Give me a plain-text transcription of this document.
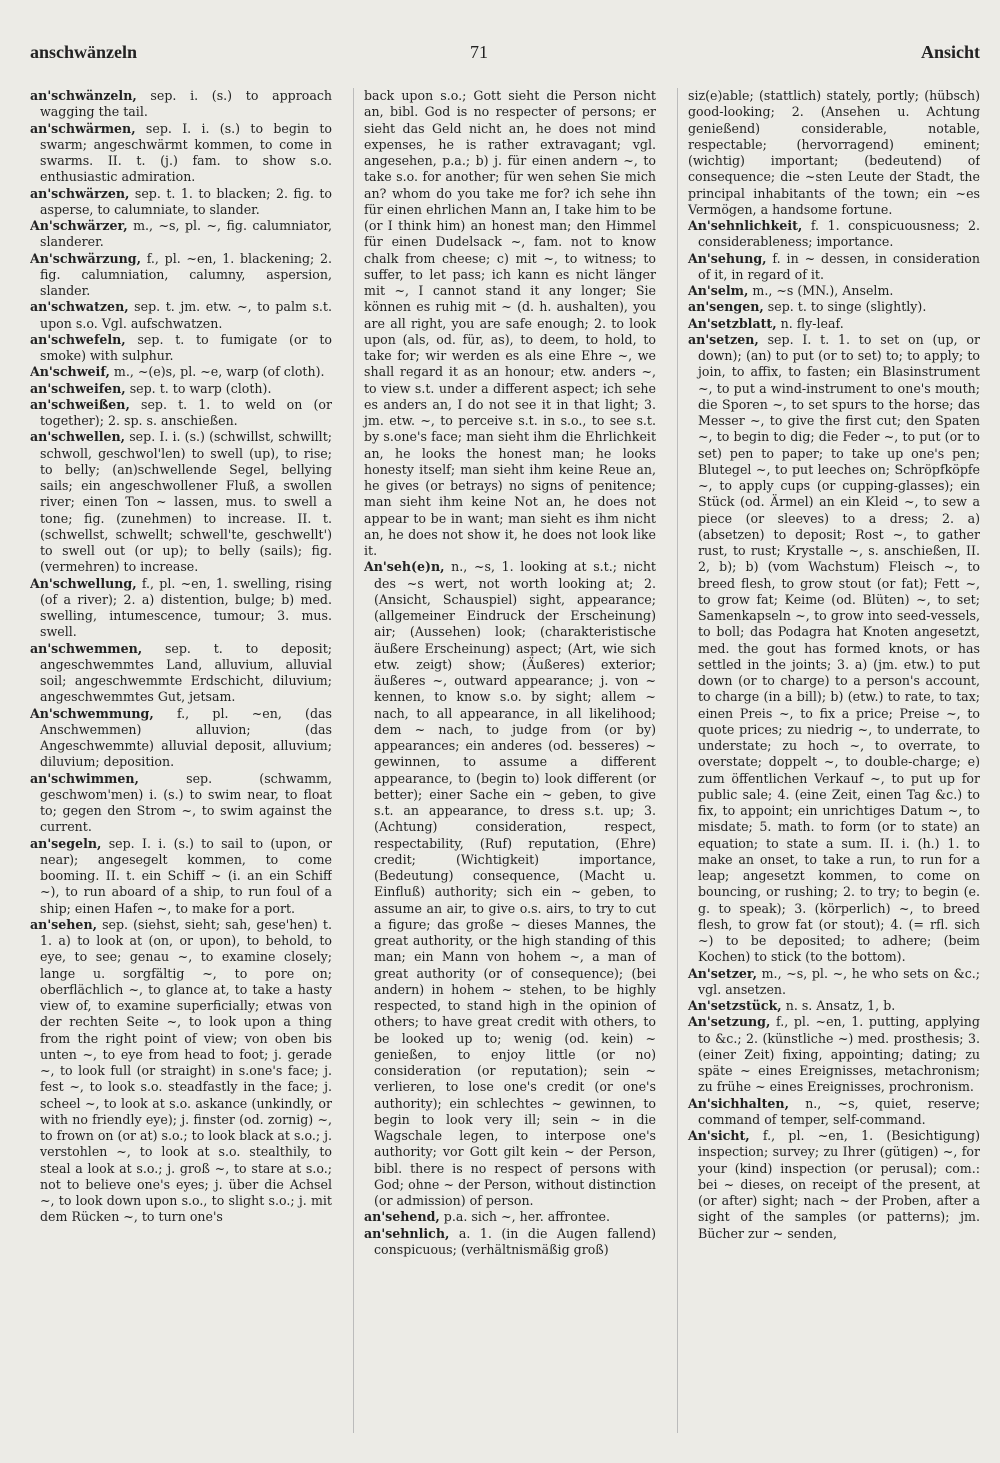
anschwänzeln	71	Ansicht

an'schwänzeln, sep. i. (s.) to approach wagging the tail.

an'schwärmen, sep. I. i. (s.) to begin to swarm; angeschwärmt kommen, to come in swarms. II. t. (j.) fam. to show s.o. enthusiastic admiration.

an'schwärzen, sep. t. 1. to blacken; 2. fig. to asperse, to calumniate, to slander.

An'schwärzer, m., ~s, pl. ~, fig. calumniator, slanderer.

An'schwärzung, f., pl. ~en, 1. blackening; 2. fig. calumniation, calumny, aspersion, slander.

an'schwatzen, sep. t. jm. etw. ~, to palm s.t. upon s.o. Vgl. aufschwatzen.

an'schwefeln, sep. t. to fumigate (or to smoke) with sulphur.

An'schweif, m., ~(e)s, pl. ~e, warp (of cloth).

an'schweifen, sep. t. to warp (cloth).

an'schweißen, sep. t. 1. to weld on (or together); 2. sp. s. anschießen.

an'schwellen, sep. I. i. (s.) (schwillst, schwillt; schwoll, geschwol'len) to swell (up), to rise; to belly; (an)schwellende Segel, bellying sails; ein angeschwollener Fluß, a swollen river; einen Ton ~ lassen, mus. to swell a tone; fig. (zunehmen) to increase. II. t. (schwellst, schwellt; schwell'te, geschwellt') to swell out (or up); to belly (sails); fig. (vermehren) to increase.

An'schwellung, f., pl. ~en, 1. swelling, rising (of a river); 2. a) distention, bulge; b) med. swelling, intumescence, tumour; 3. mus. swell.

an'schwemmen, sep. t. to deposit; angeschwemmtes Land, alluvium, alluvial soil; angeschwemmte Erdschicht, diluvium; angeschwemmtes Gut, jetsam.

An'schwemmung, f., pl. ~en, (das Anschwemmen) alluvion; (das Angeschwemmte) alluvial deposit, alluvium; diluvium; deposition.

an'schwimmen, sep. (schwamm, geschwom'men) i. (s.) to swim near, to float to; gegen den Strom ~, to swim against the current.

an'segeln, sep. I. i. (s.) to sail to (upon, or near); angesegelt kommen, to come booming. II. t. ein Schiff ~ (i. an ein Schiff ~), to run aboard of a ship, to run foul of a ship; einen Hafen ~, to make for a port.

an'sehen, sep. (siehst, sieht; sah, gese'hen) t. 1. a) to look at (on, or upon), to behold, to eye, to see; genau ~, to examine closely; lange u. sorgfältig ~, to pore on; oberflächlich ~, to glance at, to take a hasty view of, to examine superficially; etwas von der rechten Seite ~, to look upon a thing from the right point of view; von oben bis unten ~, to eye from head to foot; j. gerade ~, to look full (or straight) in s.one's face; j. fest ~, to look s.o. steadfastly in the face; j. scheel ~, to look at s.o. askance (unkindly, or with no friendly eye); j. finster (od. zornig) ~, to frown on (or at) s.o.; to look black at s.o.; j. verstohlen ~, to look at s.o. stealthily, to steal a look at s.o.; j. groß ~, to stare at s.o.; not to believe one's eyes; j. über die Achsel ~, to look down upon s.o., to slight s.o.; j. mit dem Rücken ~, to turn one's

back upon s.o.; Gott sieht die Person nicht an, bibl. God is no respecter of persons; er sieht das Geld nicht an, he does not mind expenses, he is rather extravagant; vgl. angesehen, p.a.; b) j. für einen andern ~, to take s.o. for another; für wen sehen Sie mich an? whom do you take me for? ich sehe ihn für einen ehrlichen Mann an, I take him to be (or I think him) an honest man; den Himmel für einen Dudelsack ~, fam. not to know chalk from cheese; c) mit ~, to witness; to suffer, to let pass; ich kann es nicht länger mit ~, I cannot stand it any longer; Sie können es ruhig mit ~ (d. h. aushalten), you are all right, you are safe enough; 2. to look upon (als, od. für, as), to deem, to hold, to take for; wir werden es als eine Ehre ~, we shall regard it as an honour; etw. anders ~, to view s.t. under a different aspect; ich sehe es anders an, I do not see it in that light; 3. jm. etw. ~, to perceive s.t. in s.o., to see s.t. by s.one's face; man sieht ihm die Ehrlichkeit an, he looks the honest man; he looks honesty itself; man sieht ihm keine Reue an, he gives (or betrays) no signs of penitence; man sieht ihm keine Not an, he does not appear to be in want; man sieht es ihm nicht an, he does not show it, he does not look like it.

An'seh(e)n, n., ~s, 1. looking at s.t.; nicht des ~s wert, not worth looking at; 2. (Ansicht, Schauspiel) sight, appearance; (allgemeiner Eindruck der Erscheinung) air; (Aussehen) look; (charakteristische äußere Erscheinung) aspect; (Art, wie sich etw. zeigt) show; (Äußeres) exterior; äußeres ~, outward appearance; j. von ~ kennen, to know s.o. by sight; allem ~ nach, to all appearance, in all likelihood; dem ~ nach, to judge from (or by) appearances; ein anderes (od. besseres) ~ gewinnen, to assume a different appearance, to (begin to) look different (or better); einer Sache ein ~ geben, to give s.t. an appearance, to dress s.t. up; 3. (Achtung) consideration, respect, respectability, (Ruf) reputation, (Ehre) credit; (Wichtigkeit) importance, (Bedeutung) consequence, (Macht u. Einfluß) authority; sich ein ~ geben, to assume an air, to give o.s. airs, to try to cut a figure; das große ~ dieses Mannes, the great authority, or the high standing of this man; ein Mann von hohem ~, a man of great authority (or of consequence); (bei andern) in hohem ~ stehen, to be highly respected, to stand high in the opinion of others; to have great credit with others, to be looked up to; wenig (od. kein) ~ genießen, to enjoy little (or no) consideration (or reputation); sein ~ verlieren, to lose one's credit (or one's authority); ein schlechtes ~ gewinnen, to begin to look very ill; sein ~ in die Wagschale legen, to interpose one's authority; vor Gott gilt kein ~ der Person, bibl. there is no respect of persons with God; ohne ~ der Person, without distinction (or admission) of person.

an'sehend, p.a. sich ~, her. affrontee.

an'sehnlich, a. 1. (in die Augen fallend) conspicuous; (verhältnismäßig groß)

siz(e)able; (stattlich) stately, portly; (hübsch) good-looking; 2. (Ansehen u. Achtung genießend) considerable, notable, respectable; (hervorragend) eminent; (wichtig) important; (bedeutend) of consequence; die ~sten Leute der Stadt, the principal inhabitants of the town; ein ~es Vermögen, a handsome fortune.

An'sehnlichkeit, f. 1. conspicuousness; 2. considerableness; importance.

An'sehung, f. in ~ dessen, in consideration of it, in regard of it.

An'selm, m., ~s (MN.), Anselm.

an'sengen, sep. t. to singe (slightly).

An'setzblatt, n. fly-leaf.

an'setzen, sep. I. t. 1. to set on (up, or down); (an) to put (or to set) to; to apply; to join, to affix, to fasten; ein Blasinstrument ~, to put a wind-instrument to one's mouth; die Sporen ~, to set spurs to the horse; das Messer ~, to give the first cut; den Spaten ~, to begin to dig; die Feder ~, to put (or to set) pen to paper; to take up one's pen; Blutegel ~, to put leeches on; Schröpfköpfe ~, to apply cups (or cupping-glasses); ein Stück (od. Ärmel) an ein Kleid ~, to sew a piece (or sleeves) to a dress; 2. a) (absetzen) to deposit; Rost ~, to gather rust, to rust; Krystalle ~, s. anschießen, II. 2, b); b) (vom Wachstum) Fleisch ~, to breed flesh, to grow stout (or fat); Fett ~, to grow fat; Keime (od. Blüten) ~, to set; Samenkapseln ~, to grow into seed-vessels, to boll; das Podagra hat Knoten angesetzt, med. the gout has formed knots, or has settled in the joints; 3. a) (jm. etw.) to put down (or to charge) to a person's account, to charge (in a bill); b) (etw.) to rate, to tax; einen Preis ~, to fix a price; Preise ~, to quote prices; zu niedrig ~, to underrate, to understate; zu hoch ~, to overrate, to overstate; doppelt ~, to double-charge; e) zum öffentlichen Verkauf ~, to put up for public sale; 4. (eine Zeit, einen Tag &c.) to fix, to appoint; ein unrichtiges Datum ~, to misdate; 5. math. to form (or to state) an equation; to state a sum. II. i. (h.) 1. to make an onset, to take a run, to run for a leap; angesetzt kommen, to come on bouncing, or rushing; 2. to try; to begin (e. g. to speak); 3. (körperlich) ~, to breed flesh, to grow fat (or stout); 4. (= rfl. sich ~) to be deposited; to adhere; (beim Kochen) to stick (to the bottom).

An'setzer, m., ~s, pl. ~, he who sets on &c.; vgl. ansetzen.

An'setzstück, n. s. Ansatz, 1, b.

An'setzung, f., pl. ~en, 1. putting, applying to &c.; 2. (künstliche ~) med. prosthesis; 3. (einer Zeit) fixing, appointing; dating; zu späte ~ eines Ereignisses, metachronism; zu frühe ~ eines Ereignisses, prochronism.

An'sichhalten, n., ~s, quiet, reserve; command of temper, self-command.

An'sicht, f., pl. ~en, 1. (Besichtigung) inspection; survey; zu Ihrer (gütigen) ~, for your (kind) inspection (or perusal); com.: bei ~ dieses, on receipt of the present, at (or after) sight; nach ~ der Proben, after a sight of the samples (or patterns); jm. Bücher zur ~ senden,
